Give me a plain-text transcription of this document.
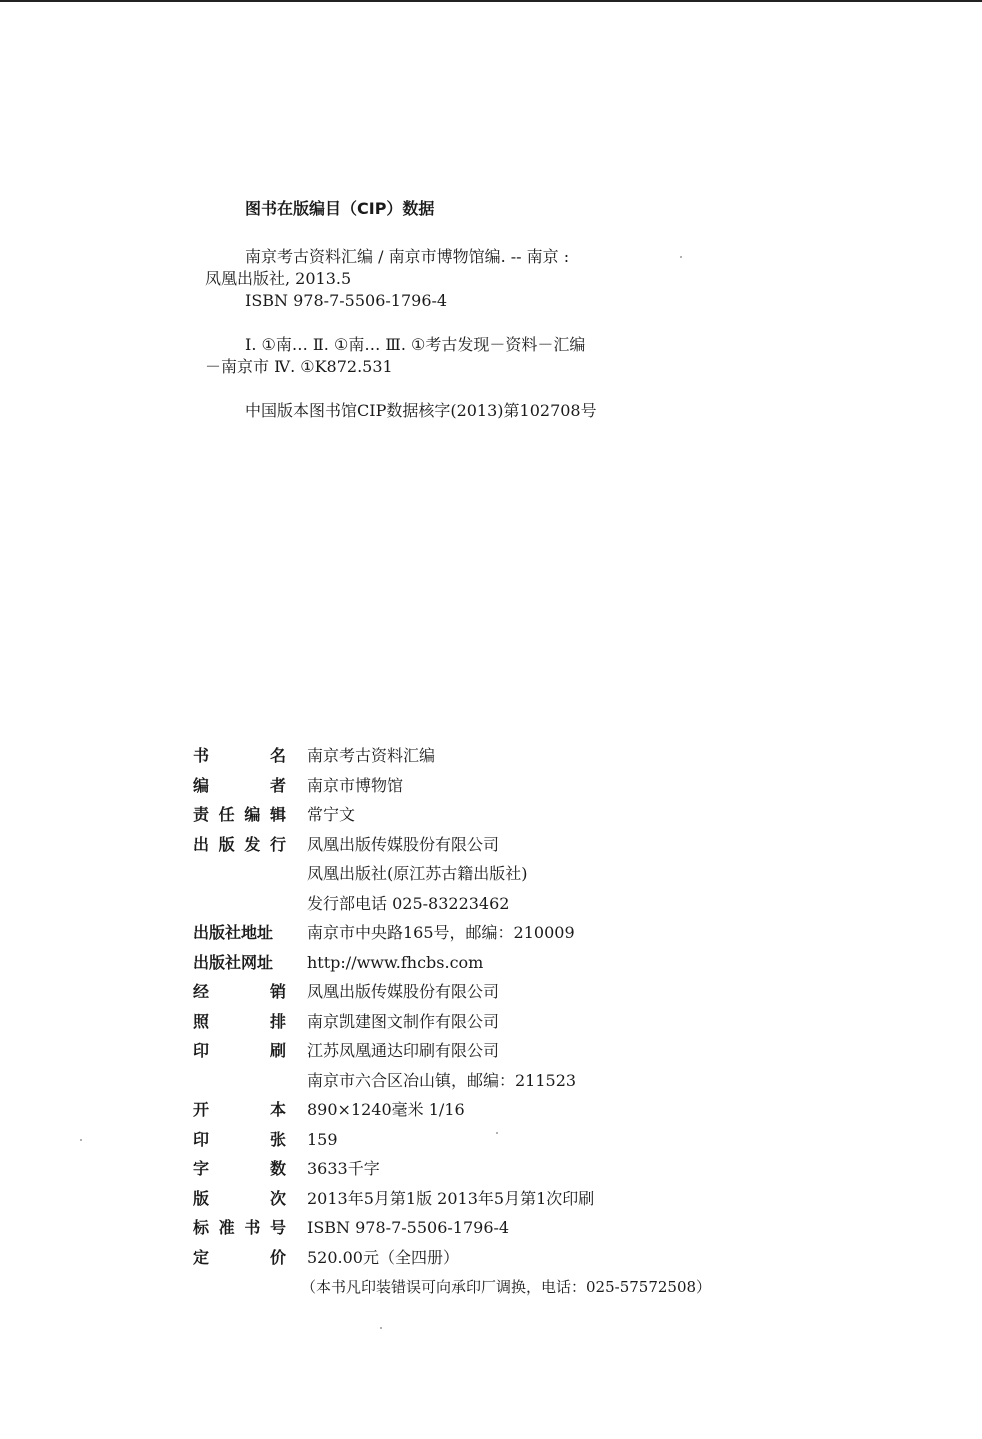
图书在版编目（CIP）数据
南京考古资料汇编 / 南京市博物馆编. -- 南京 :
凤凰出版社, 2013.5
ISBN 978-7-5506-1796-4
Ⅰ. ①南… Ⅱ. ①南… Ⅲ. ①考古发现－资料－汇编
－南京市 Ⅳ. ①K872.531
中国版本图书馆CIP数据核字(2013)第102708号
书	名 南京考古资料汇编
编	者 南京市博物馆
责 任 编 辑 常宁文
出 版 发 行 凤凰出版传媒股份有限公司
凤凰出版社(原江苏古籍出版社)
发行部电话 025-83223462
出版社地址 南京市中央路165号，邮编：210009
出版社网址 http://www.fhcbs.com
经	销 凤凰出版传媒股份有限公司
照	排 南京凯建图文制作有限公司
印	刷 江苏凤凰通达印刷有限公司
南京市六合区冶山镇，邮编：211523
开	本 890×1240毫米 1/16
印	张 159
字	数 3633千字
版	次 2013年5月第1版 2013年5月第1次印刷
标 准 书 号 ISBN 978-7-5506-1796-4
定	价 520.00元（全四册）
（本书凡印装错误可向承印厂调换，电话：025-57572508）
